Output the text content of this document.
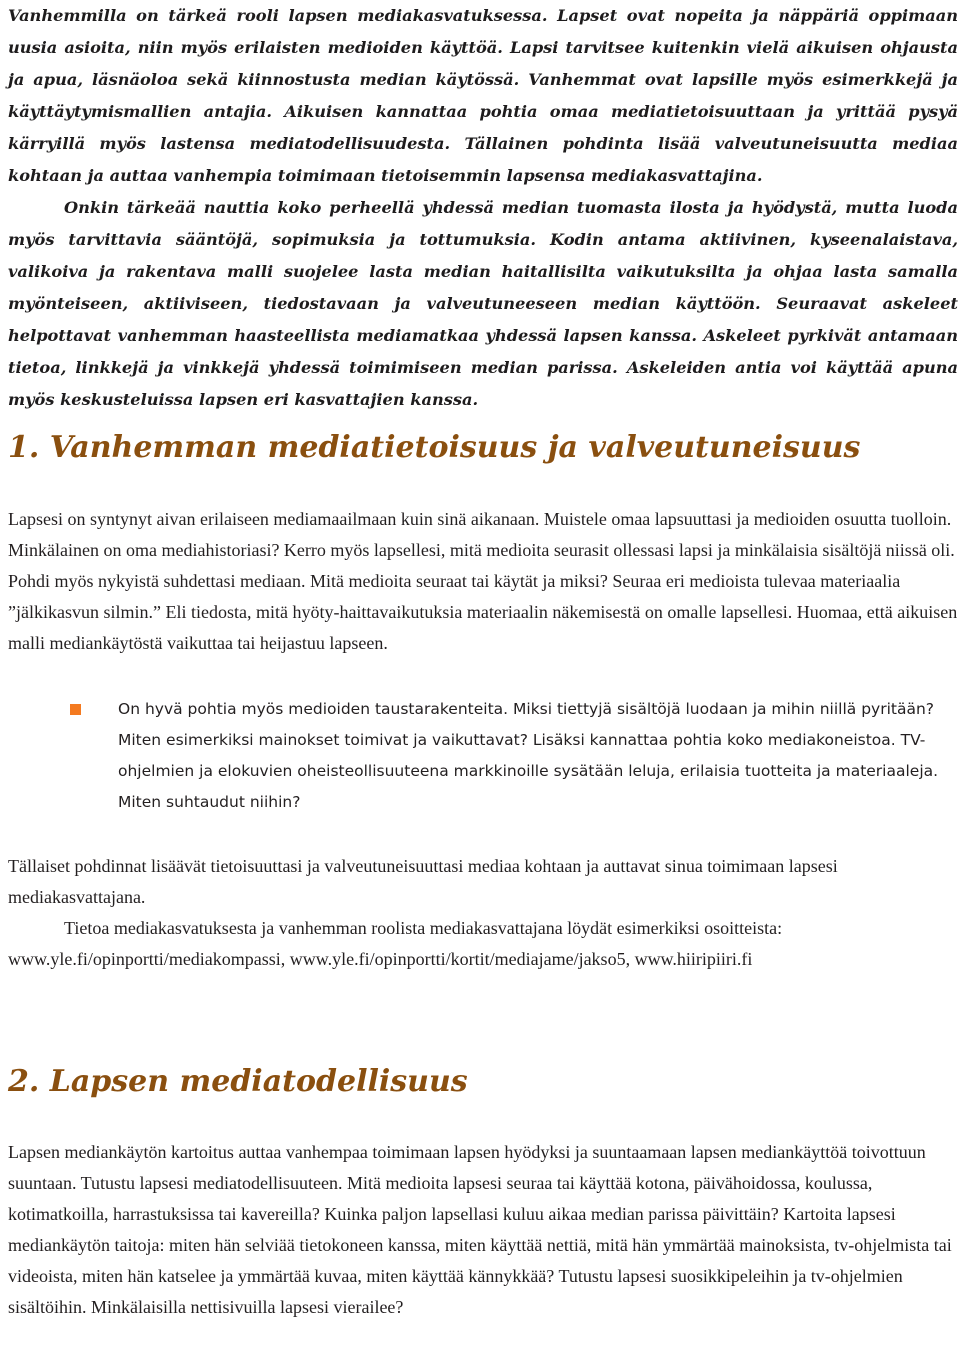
Vanhemmilla on tärkeä rooli lapsen mediakasvatuksessa. Lapset ovat nopeita ja näppäriä oppimaan uusia asioita, niin myös erilaisten medioiden käyttöä. Lapsi tarvitsee kuitenkin vielä aikuisen ohjausta ja apua, läsnäoloa sekä kiinnostusta median käytössä. Vanhemmat ovat lapsille myös esimerkkejä ja käyttäytymismallien antajia. Aikuisen kannattaa pohtia omaa mediatietoisuuttaan ja yrittää pysyä kärryillä myös lastensa mediatodellisuudesta. Tällainen pohdinta lisää valveutuneisuutta mediaa kohtaan ja auttaa vanhempia toimimaan tietoisemmin lapsensa mediakasvattajina.

Onkin tärkeää nauttia koko perheellä yhdessä median tuomasta ilosta ja hyödystä, mutta luoda myös tarvittavia sääntöjä, sopimuksia ja tottumuksia. Kodin antama aktiivinen, kyseenalaistava, valikoiva ja rakentava malli suojelee lasta median haitallisilta vaikutuksilta ja ohjaa lasta samalla myönteiseen, aktiiviseen, tiedostavaan ja valveutuneeseen median käyttöön. Seuraavat askeleet helpottavat vanhemman haasteellista mediamatkaa yhdessä lapsen kanssa. Askeleet pyrkivät antamaan tietoa, linkkejä ja vinkkejä yhdessä toimimiseen median parissa. Askeleiden antia voi käyttää apuna myös keskusteluissa lapsen eri kasvattajien kanssa.

1. Vanhemman mediatietoisuus ja valveutuneisuus

Lapsesi on syntynyt aivan erilaiseen mediamaailmaan kuin sinä aikanaan. Muistele omaa lapsuuttasi ja medioiden osuutta tuolloin. Minkälainen on oma mediahistoriasi? Kerro myös lapsellesi, mitä medioita seurasit ollessasi lapsi ja minkälaisia sisältöjä niissä oli. Pohdi myös nykyistä suhdettasi mediaan. Mitä medioita seuraat tai käytät ja miksi? Seuraa eri medioista tulevaa materiaalia ”jälkikasvun silmin.” Eli tiedosta, mitä hyöty-haittavaikutuksia materiaalin näkemisestä on omalle lapsellesi. Huomaa, että aikuisen malli mediankäytöstä vaikuttaa tai heijastuu lapseen.

On hyvä pohtia myös medioiden taustarakenteita. Miksi tiettyjä sisältöjä luodaan ja mihin niillä pyritään? Miten esimerkiksi mainokset toimivat ja vaikuttavat? Lisäksi kannattaa pohtia koko mediakoneistoa. TV-ohjelmien ja elokuvien oheisteollisuuteena markkinoille sysätään leluja, erilaisia tuotteita ja materiaaleja. Miten suhtaudut niihin?

Tällaiset pohdinnat lisäävät tietoisuuttasi ja valveutuneisuuttasi mediaa kohtaan ja auttavat sinua toimimaan lapsesi mediakasvattajana.

Tietoa mediakasvatuksesta ja vanhemman roolista mediakasvattajana löydät esimerkiksi osoitteista: www.yle.fi/opinportti/mediakompassi, www.yle.fi/opinportti/kortit/mediajame/jakso5, www.hiiripiiri.fi

2. Lapsen mediatodellisuus

Lapsen mediankäytön kartoitus auttaa vanhempaa toimimaan lapsen hyödyksi ja suuntaamaan lapsen mediankäyttöä toivottuun suuntaan. Tutustu lapsesi mediatodellisuuteen. Mitä medioita lapsesi seuraa tai käyttää kotona, päivähoidossa, koulussa, kotimatkoilla, harrastuksissa tai kavereilla? Kuinka paljon lapsellasi kuluu aikaa median parissa päivittäin? Kartoita lapsesi mediankäytön taitoja: miten hän selviää tietokoneen kanssa, miten käyttää nettiä, mitä hän ymmärtää mainoksista, tv-ohjelmista tai videoista, miten hän katselee ja ymmärtää kuvaa, miten käyttää kännykkää? Tutustu lapsesi suosikkipeleihin ja tv-ohjelmien sisältöihin. Minkälaisilla nettisivuilla lapsesi vierailee?
